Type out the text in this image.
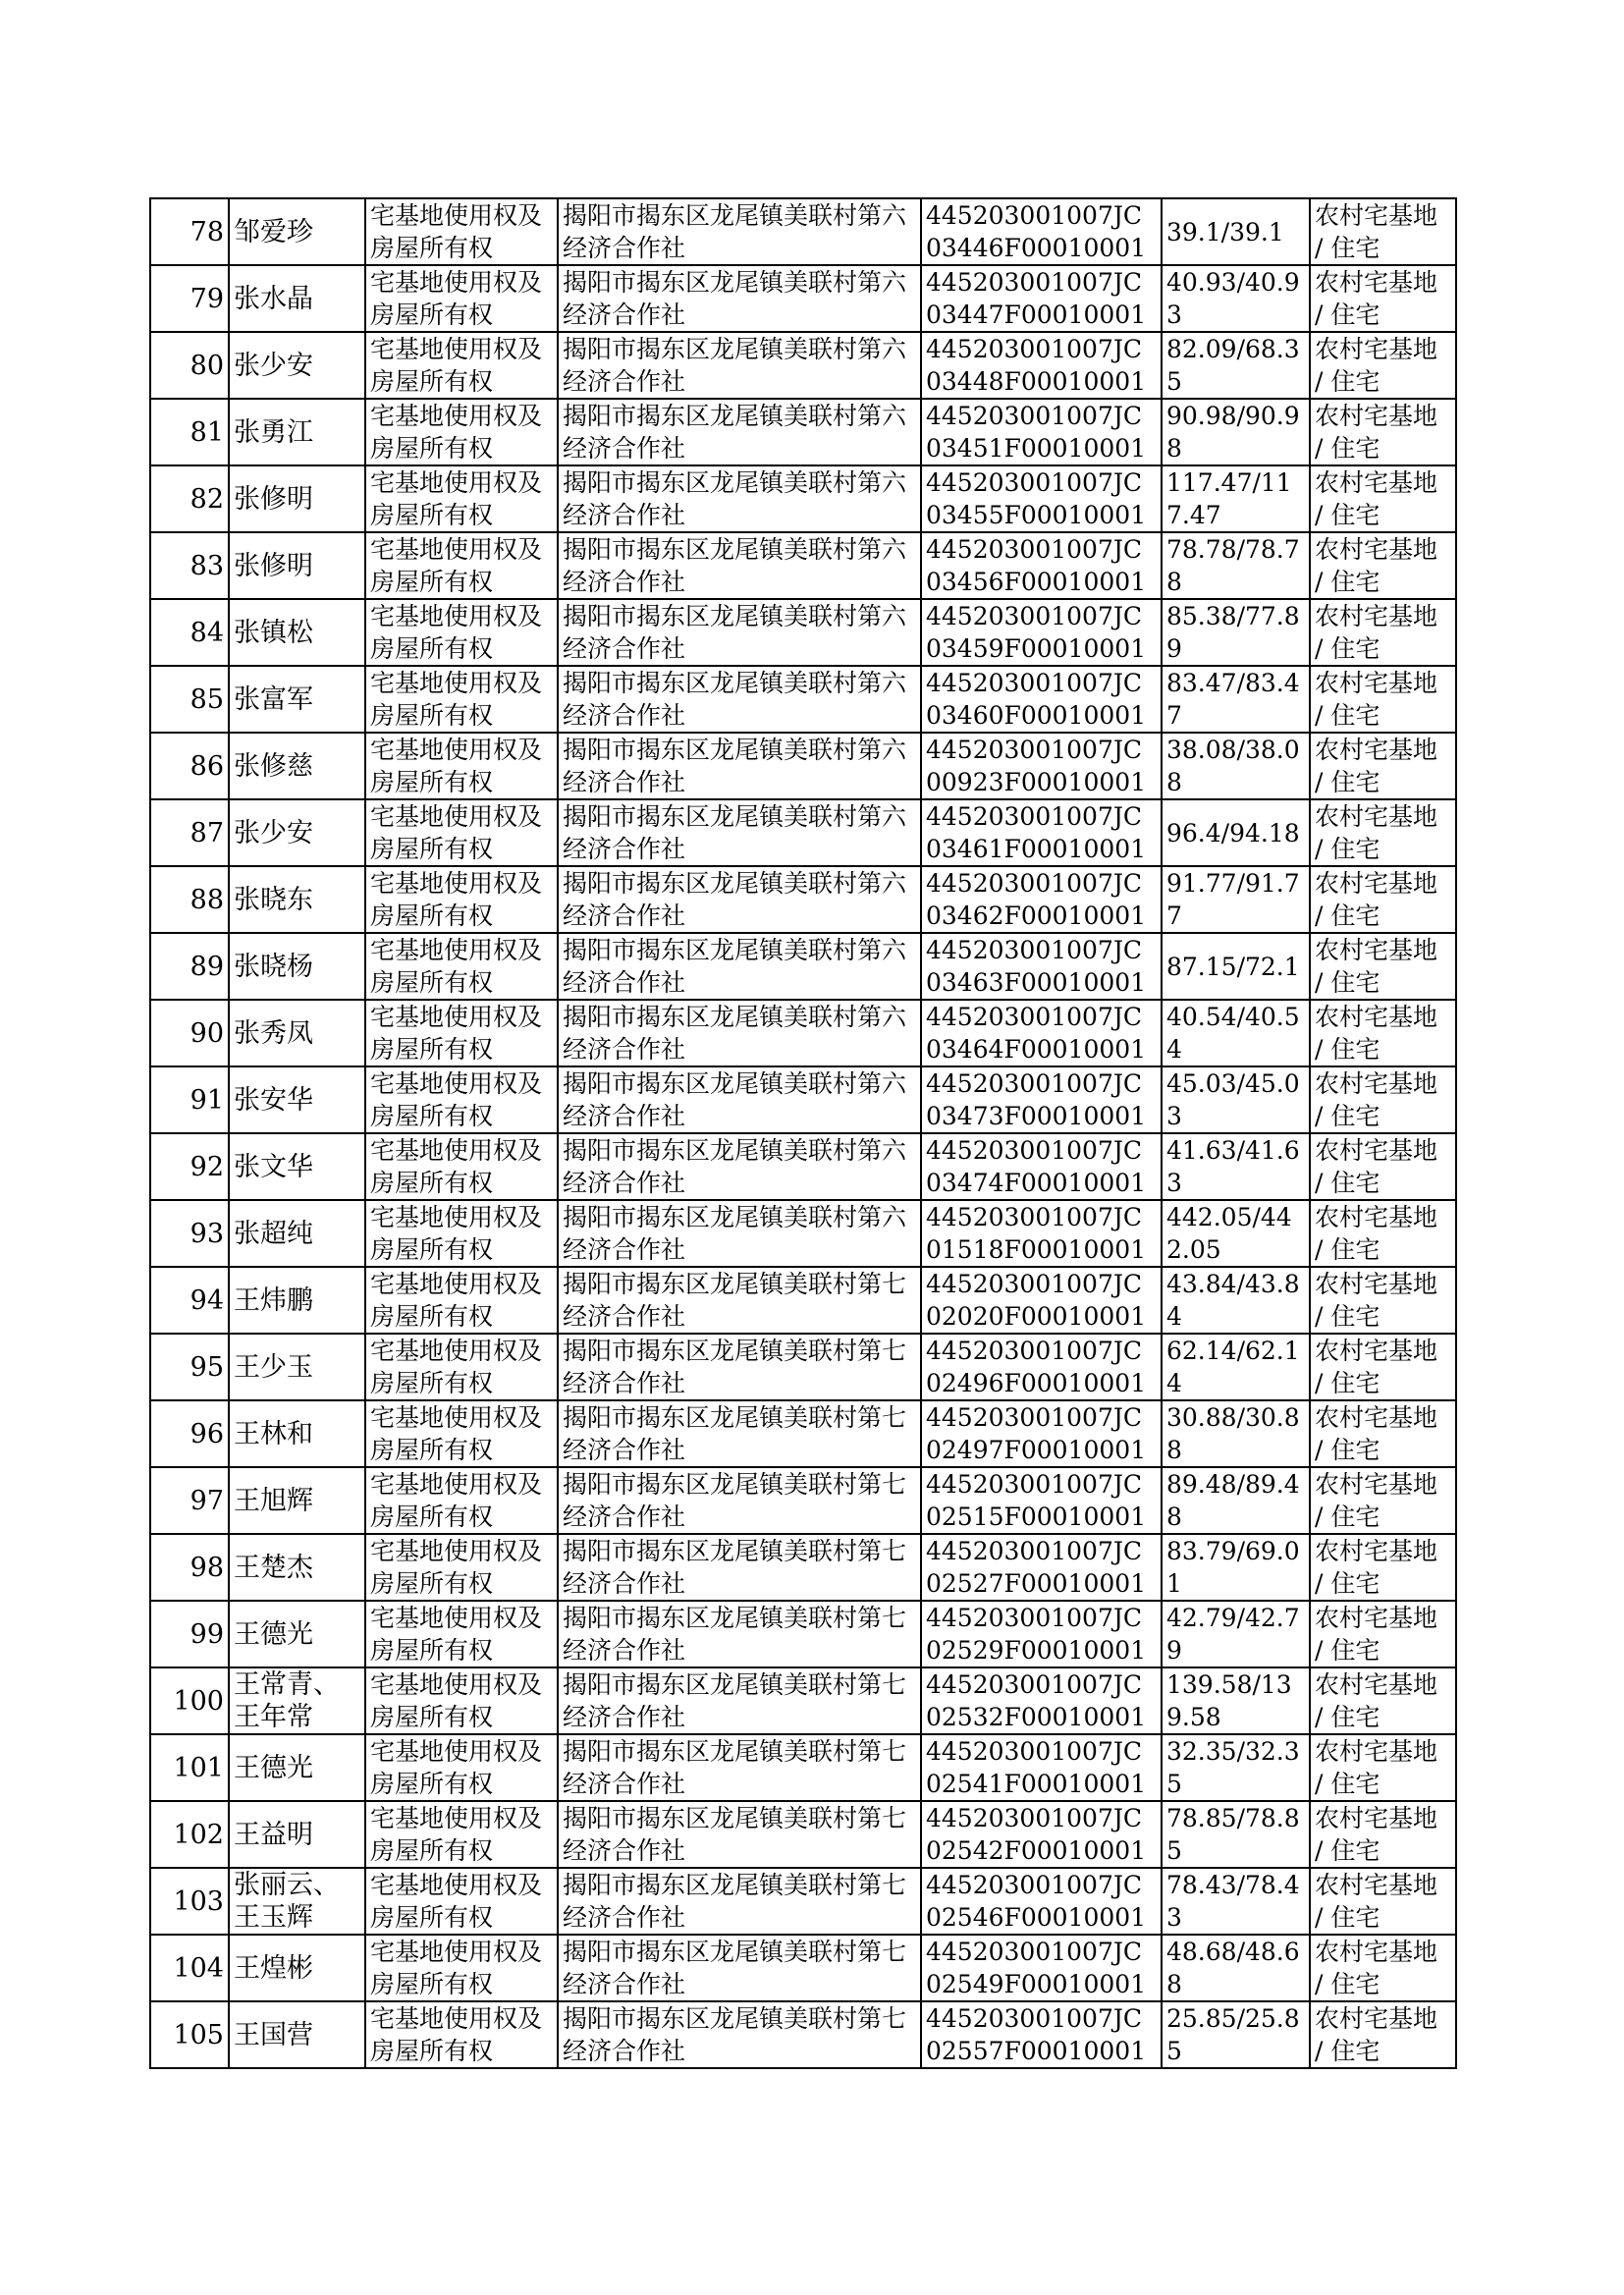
78	邹爱珍	宅基地使用权及房屋所有权	揭阳市揭东区龙尾镇美联村第六经济合作社	445203001007JC03446F00010001	39.1/39.1	农村宅基地 / 住宅
79	张水晶	宅基地使用权及房屋所有权	揭阳市揭东区龙尾镇美联村第六经济合作社	445203001007JC03447F00010001	40.93/40.93	农村宅基地 / 住宅
80	张少安	宅基地使用权及房屋所有权	揭阳市揭东区龙尾镇美联村第六经济合作社	445203001007JC03448F00010001	82.09/68.35	农村宅基地 / 住宅
81	张勇江	宅基地使用权及房屋所有权	揭阳市揭东区龙尾镇美联村第六经济合作社	445203001007JC03451F00010001	90.98/90.98	农村宅基地 / 住宅
82	张修明	宅基地使用权及房屋所有权	揭阳市揭东区龙尾镇美联村第六经济合作社	445203001007JC03455F00010001	117.47/117.47	农村宅基地 / 住宅
83	张修明	宅基地使用权及房屋所有权	揭阳市揭东区龙尾镇美联村第六经济合作社	445203001007JC03456F00010001	78.78/78.78	农村宅基地 / 住宅
84	张镇松	宅基地使用权及房屋所有权	揭阳市揭东区龙尾镇美联村第六经济合作社	445203001007JC03459F00010001	85.38/77.89	农村宅基地 / 住宅
85	张富军	宅基地使用权及房屋所有权	揭阳市揭东区龙尾镇美联村第六经济合作社	445203001007JC03460F00010001	83.47/83.47	农村宅基地 / 住宅
86	张修慈	宅基地使用权及房屋所有权	揭阳市揭东区龙尾镇美联村第六经济合作社	445203001007JC00923F00010001	38.08/38.08	农村宅基地 / 住宅
87	张少安	宅基地使用权及房屋所有权	揭阳市揭东区龙尾镇美联村第六经济合作社	445203001007JC03461F00010001	96.4/94.18	农村宅基地 / 住宅
88	张晓东	宅基地使用权及房屋所有权	揭阳市揭东区龙尾镇美联村第六经济合作社	445203001007JC03462F00010001	91.77/91.77	农村宅基地 / 住宅
89	张晓杨	宅基地使用权及房屋所有权	揭阳市揭东区龙尾镇美联村第六经济合作社	445203001007JC03463F00010001	87.15/72.1	农村宅基地 / 住宅
90	张秀凤	宅基地使用权及房屋所有权	揭阳市揭东区龙尾镇美联村第六经济合作社	445203001007JC03464F00010001	40.54/40.54	农村宅基地 / 住宅
91	张安华	宅基地使用权及房屋所有权	揭阳市揭东区龙尾镇美联村第六经济合作社	445203001007JC03473F00010001	45.03/45.03	农村宅基地 / 住宅
92	张文华	宅基地使用权及房屋所有权	揭阳市揭东区龙尾镇美联村第六经济合作社	445203001007JC03474F00010001	41.63/41.63	农村宅基地 / 住宅
93	张超纯	宅基地使用权及房屋所有权	揭阳市揭东区龙尾镇美联村第六经济合作社	445203001007JC01518F00010001	442.05/442.05	农村宅基地 / 住宅
94	王炜鹏	宅基地使用权及房屋所有权	揭阳市揭东区龙尾镇美联村第七经济合作社	445203001007JC02020F00010001	43.84/43.84	农村宅基地 / 住宅
95	王少玉	宅基地使用权及房屋所有权	揭阳市揭东区龙尾镇美联村第七经济合作社	445203001007JC02496F00010001	62.14/62.14	农村宅基地 / 住宅
96	王林和	宅基地使用权及房屋所有权	揭阳市揭东区龙尾镇美联村第七经济合作社	445203001007JC02497F00010001	30.88/30.88	农村宅基地 / 住宅
97	王旭辉	宅基地使用权及房屋所有权	揭阳市揭东区龙尾镇美联村第七经济合作社	445203001007JC02515F00010001	89.48/89.48	农村宅基地 / 住宅
98	王楚杰	宅基地使用权及房屋所有权	揭阳市揭东区龙尾镇美联村第七经济合作社	445203001007JC02527F00010001	83.79/69.01	农村宅基地 / 住宅
99	王德光	宅基地使用权及房屋所有权	揭阳市揭东区龙尾镇美联村第七经济合作社	445203001007JC02529F00010001	42.79/42.79	农村宅基地 / 住宅
100	王常青、王年常	宅基地使用权及房屋所有权	揭阳市揭东区龙尾镇美联村第七经济合作社	445203001007JC02532F00010001	139.58/139.58	农村宅基地 / 住宅
101	王德光	宅基地使用权及房屋所有权	揭阳市揭东区龙尾镇美联村第七经济合作社	445203001007JC02541F00010001	32.35/32.35	农村宅基地 / 住宅
102	王益明	宅基地使用权及房屋所有权	揭阳市揭东区龙尾镇美联村第七经济合作社	445203001007JC02542F00010001	78.85/78.85	农村宅基地 / 住宅
103	张丽云、王玉辉	宅基地使用权及房屋所有权	揭阳市揭东区龙尾镇美联村第七经济合作社	445203001007JC02546F00010001	78.43/78.43	农村宅基地 / 住宅
104	王煌彬	宅基地使用权及房屋所有权	揭阳市揭东区龙尾镇美联村第七经济合作社	445203001007JC02549F00010001	48.68/48.68	农村宅基地 / 住宅
105	王国营	宅基地使用权及房屋所有权	揭阳市揭东区龙尾镇美联村第七经济合作社	445203001007JC02557F00010001	25.85/25.85	农村宅基地 / 住宅
